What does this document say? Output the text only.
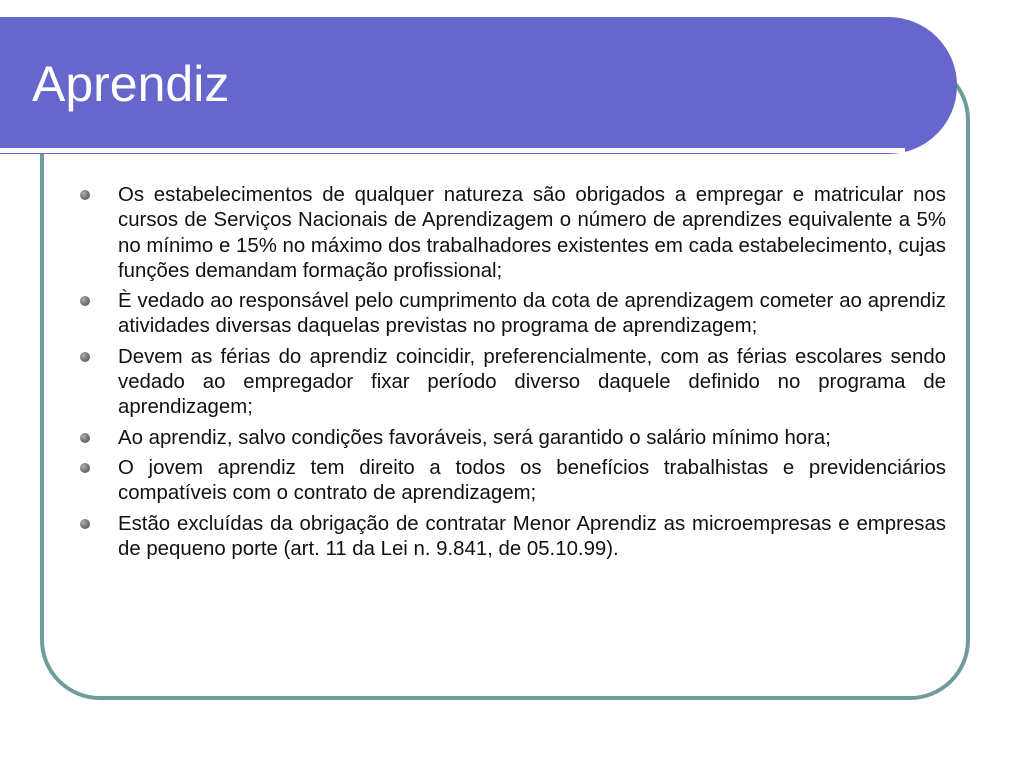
Aprendiz
Os estabelecimentos de qualquer natureza são obrigados a empregar e matricular nos cursos de Serviços Nacionais de Aprendizagem o número de aprendizes equivalente a 5% no mínimo e 15% no máximo dos trabalhadores existentes em cada estabelecimento, cujas funções demandam formação profissional;
È vedado ao responsável pelo cumprimento da cota de aprendizagem cometer ao aprendiz atividades diversas daquelas previstas no programa de aprendizagem;
Devem as férias do aprendiz coincidir, preferencialmente, com as férias escolares sendo vedado ao empregador fixar período diverso daquele definido no programa de aprendizagem;
Ao aprendiz, salvo condições favoráveis, será garantido o salário mínimo hora;
O jovem aprendiz tem direito a todos os benefícios trabalhistas e previdenciários compatíveis com o contrato de aprendizagem;
Estão excluídas da obrigação de contratar Menor Aprendiz as microempresas e empresas de pequeno porte (art. 11 da Lei n. 9.841, de 05.10.99).
